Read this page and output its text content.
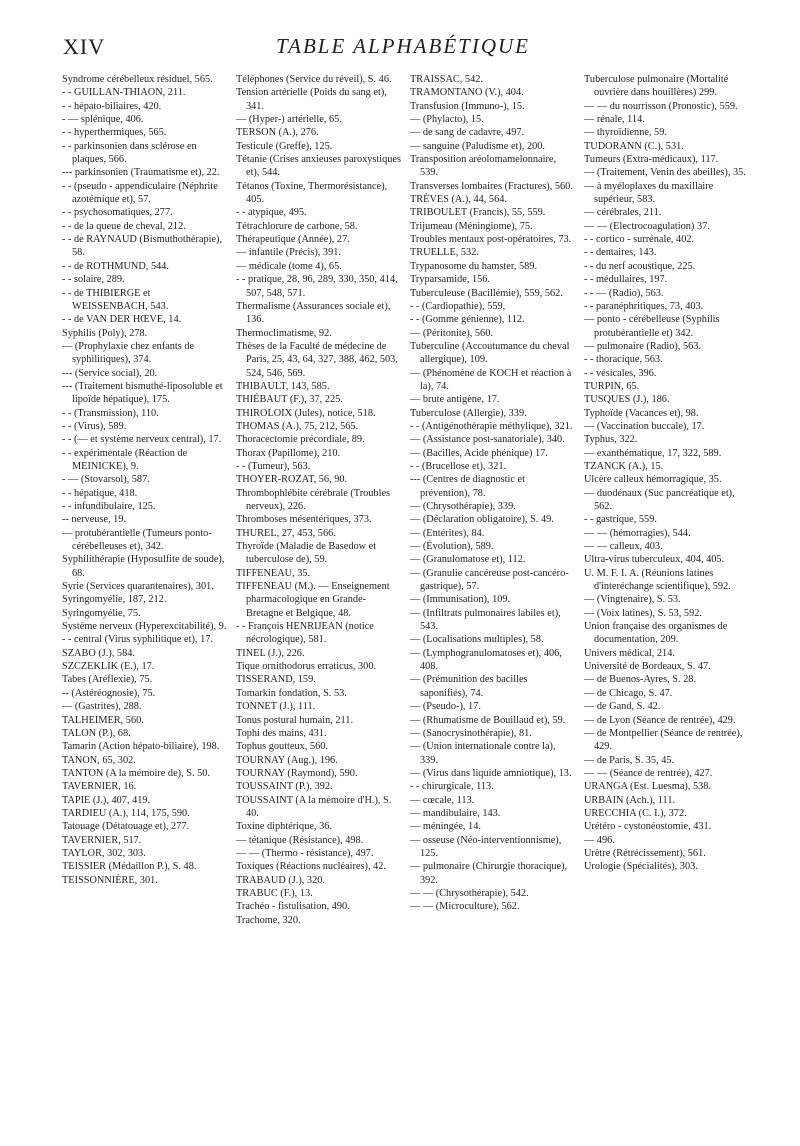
XIV	TABLE ALPHABÉTIQUE
Syndrome cérébelleux résiduel, 565.
- - GUILLAN-THIAON, 211.
- - hépato-biliaires, 420.
- — splénique, 406.
- - hyperthermiques, 565.
- - parkinsonien dans sclérose en plaques, 566.
--- parkinsonien (Traumatisme et), 22.
- - (pseudo - appendiculaire (Néphrite azotémique et), 57.
- - psychosomatiques, 277.
- - de la queue de cheval, 212.
- - de RAYNAUD (Bismuthothérapie), 58.
- - de ROTHMUND, 544.
- - solaire, 289.
- - de THIBIERGE et WEISSENBACH, 543.
- - de VAN DER HŒVE, 14.
Syphilis (Poly), 278.
— (Prophylaxie chez enfants de syphilitiques), 374.
--- (Service social), 20.
--- (Traitement bismuthé-liposoluble et lipoïde hépatique), 175.
- - (Transmission), 110.
- - (Virus), 589.
- - (— et système nerveux central), 17.
- - expérimentale (Réaction de MEINICKE), 9.
- — (Stovarsol), 587.
- - hépatique, 418.
- - infundibulaire, 125.
-- nerveuse, 19.
— protubérantielle (Tumeurs ponto-cérébelleuses et), 342.
Syphilithérapie (Hyposulfite de soude), 68.
Syrie (Services quarantenaires), 301.
Syringomyélie, 187, 212.
Syringomyélie, 75.
Système nerveux (Hyperexcitabilité), 9.
- - central (Virus syphilitique et), 17.
SZABO (J.), 584.
SZCZEKLIK (E.), 17.
Tabes (Aréflexie), 75.
-- (Astéréognosie), 75.
— (Gastrites), 288.
TALHEIMER, 560.
TALON (P.), 68.
Tamarin (Action hépato-biliaire), 198.
TANON, 65, 302.
TANTON (A la mémoire de), S. 50.
TAVERNIER, 16.
TAPIE (J.), 407, 419.
TARDIEU (A.), 114, 175, 590.
Tatouage (Détatouage et), 277.
TAVERNIER, 517.
TAYLOR, 302, 303.
TEISSIER (Médaillon P.), S. 48.
TEISSONNIÈRE, 301.
Téléphones (Service du réveil), S. 46.
Tension artérielle (Poids du sang et), 341.
— (Hyper-) artérielle, 65.
TERSON (A.), 276.
Testicule (Greffe), 125.
Tétanie (Crises anxieuses paroxystiques et), 544.
Tétanos (Toxine, Thermorésistance), 405.
- - atypique, 495.
Tétrachlorure de carbone, 58.
Thérapeutique (Année), 27.
— infantile (Précis), 391.
— médicale (tome 4), 65.
- - pratique, 28, 96, 289, 330, 350, 414, 507, 548, 571.
Thermalisme (Assurances sociale et), 136.
Thermoclimatisme, 92.
Thèses de la Faculté de médecine de Paris, 25, 43, 64, 327, 388, 462, 503, 524, 546, 569.
THIBAULT, 143, 585.
THIÉBAUT (F.), 37, 225.
THIROLOIX (Jules), notice, 518.
THOMAS (A.), 75, 212, 565.
Thoracectomie précordiale, 89.
Thorax (Papillome), 210.
- - (Tumeur), 563.
THOYER-ROZAT, 56, 90.
Thrombophlébite cérébrale (Troubles nerveux), 226.
Thromboses mésentériques, 373.
THUREL, 27, 453, 566.
Thyroïde (Maladie de Basedow et tuberculose de), 59.
TIFFENEAU, 35.
TIFFENEAU (M.). — Enseignement pharmacologique en Grande-Bretagne et Belgique, 48.
- - François HENRIJEAN (notice nécrologique), 581.
TINEL (J.), 226.
Tique ornithodorus erraticus, 300.
TISSERAND, 159.
Tomarkin fondation, S. 53.
TONNET (J.), 111.
Tonus postural humain, 211.
Tophi des mains, 431.
Tophus goutteux, 560.
TOURNAY (Aug.), 196.
TOURNAY (Raymond), 590.
TOUSSAINT (P.), 392.
TOUSSAINT (A la mémoire d'H.), S. 40.
Toxine diphtérique, 36.
— tétanique (Résistance), 498.
— — (Thermo - résistance), 497.
Toxiques (Réactions nucléaires), 42.
TRABAUD (J.), 320.
TRABUC (F.), 13.
Trachéo - fistulisation, 490.
Trachome, 320.
TRAISSAC, 542.
TRAMONTANO (V.), 404.
Transfusion (Immuno-), 15.
— (Phylacto), 15.
— de sang de cadavre, 497.
— sanguine (Paludisme et), 200.
Transposition aréolomamelonnaire, 539.
Transverses lombaires (Fractures), 560.
TRÈVES (A.), 44, 564.
TRIBOULET (Francis), 55, 559.
Trijumeau (Méningiome), 75.
Troubles mentaux post-opératoires, 73.
TRUELLE, 532.
Trypanosome du hamster, 589.
Tryparsamide, 156.
Tuberculeuse (Bacillémie), 559, 562.
- - (Cardiopathie), 559,
- - (Gomme génienne), 112.
— (Péritonite), 560.
Tuberculine (Accoutumance du cheval allergique), 109.
— (Phénomène de KOCH et réaction à la), 74.
— brute antigène, 17.
Tuberculose (Allergie), 339.
- - (Antigénothérapie méthylique), 321.
— (Assistance post-sanatoriale), 340.
— (Bacilles, Acide phénique) 17.
- - (Brucellose et), 321.
--- (Centres de diagnostic et prévention), 78.
— (Chrysothérapie), 339.
— (Déclaration obligatoire), S. 49.
— (Entérites), 84.
— (Évolution), 589.
— (Granulomatose et), 112.
— (Granulie cancéreuse post-cancéro-gastrique), 57.
— (Immunisation), 109.
— (Infiltrats pulmonaires labiles et), 543.
— (Localisations multiples), 58.
— (Lymphogranulomatoses et), 406, 408.
— (Prémunition des bacilles saponifiés), 74.
— (Pseudo-), 17.
— (Rhumatisme de Bouillaud et), 59.
— (Sanocrysinothérapie), 81.
— (Union internationale contre la), 339.
— (Virus dans liquide amniotique), 13.
- - chirurgicale, 113.
— cœcale, 113.
— mandibulaire, 143.
— méningée, 14.
— osseuse (Néo-interventionnisme), 125.
— pulmonaire (Chirurgie thoracique), 392.
— — (Chrysothérapie), 542.
— — (Microculture), 562.
Tuberculose pulmonaire (Mortalité ouvrière dans houillères) 299.
— — du nourrisson (Pronostic), 559.
— rénale, 114.
— thyroïdienne, 59.
TUDORANN (C.), 531.
Tumeurs (Extra-médicaux), 117.
— (Traitement, Venin des abeilles), 35.
— à myéloplaxes du maxillaire supérieur, 583.
— cérébrales, 211.
— — (Electrocoagulation) 37.
- - cortico - surrénale, 402.
- - dentaires, 143.
- - du nerf acoustique, 225.
- - médullaires, 197.
- - — (Radio), 563.
- - paranéphritiques, 73, 403.
— ponto - cérébelleuse (Syphilis protubérantielle et) 342.
— pulmonaire (Radio), 563.
- - thoracique, 563.
- - vésicales, 396.
TURPIN, 65.
TUSQUES (J.), 186.
Typhoïde (Vacances et), 98.
— (Vaccination buccale), 17.
Typhus, 322.
— exanthématique, 17, 322, 589.
TZANCK (A.), 15.
Ulcère calleux hémorragique, 35.
— duodénaux (Suc pancréatique et), 562.
- - gastrique, 559.
— — (hémorragies), 544.
— — calleux, 403.
Ultra-virus tuberculeux, 404, 405.
U. M. F. I. A. (Réunions latines d'interéchange scientifique), 592.
— (Vingtenaire), S. 53.
— (Voix latines), S. 53, 592.
Union française des organismes de documentation, 209.
Univers médical, 214.
Université de Bordeaux, S. 47.
— de Buenos-Ayres, S. 28.
— de Chicago, S. 47.
— de Gand, S. 42.
— de Lyon (Séance de rentrée), 429.
— de Montpellier (Séance de rentrée), 429.
— de Paris, S. 35, 45.
— — (Séance de rentrée), 427.
URANGA (Est. Luesma), 538.
URBAIN (Ach.), 111.
URECCHIA (C. I.), 372.
Urétéro - cystonéostomie, 431.
— 496.
Urètre (Rétrécissement), 561.
Urologie (Spécialités), 303.
